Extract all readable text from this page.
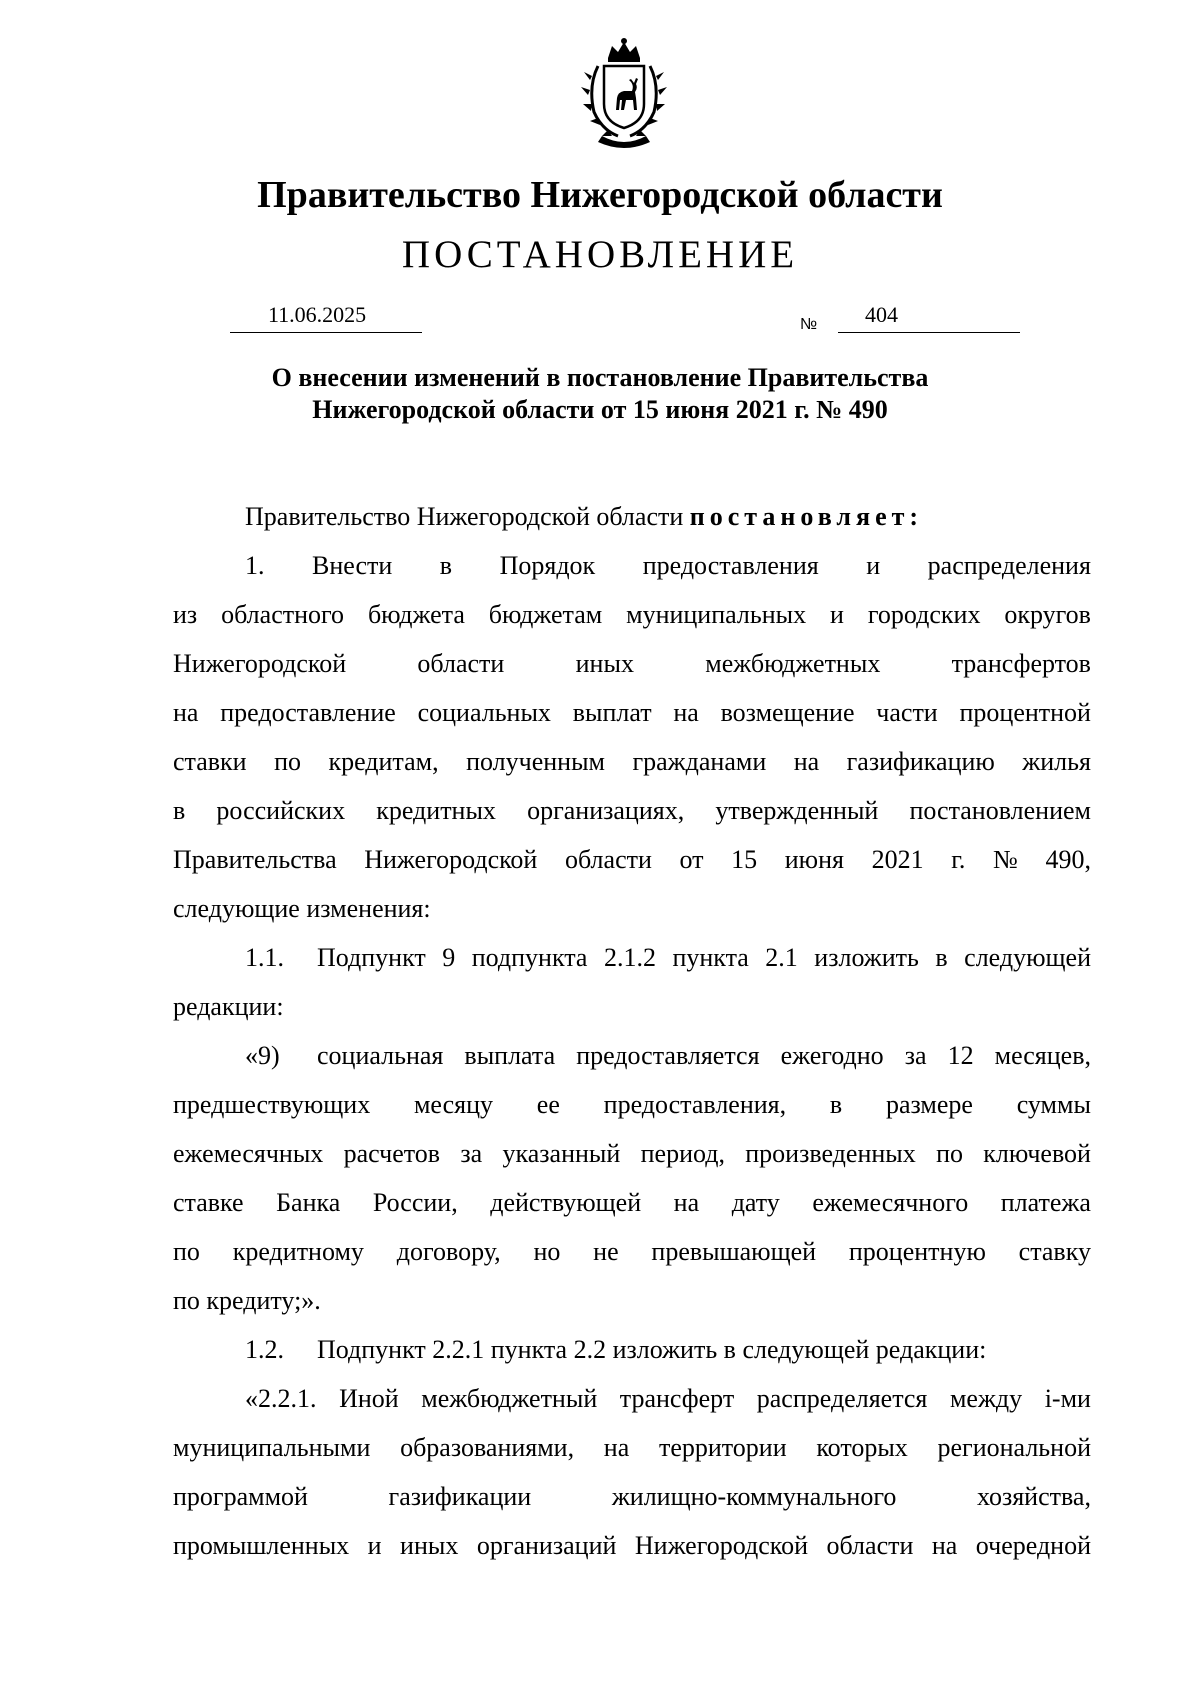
Правительство Нижегородской области
ПОСТАНОВЛЕНИЕ
11.06.2025	№ 404
О внесении изменений в постановление Правительства
Нижегородской области от 15 июня 2021 г. № 490
Правительство Нижегородской области постановляет:
1. Внести в Порядок предоставления и распределения
из областного бюджета бюджетам муниципальных и городских округов
Нижегородской	области	иных	межбюджетных	трансфертов
на предоставление социальных выплат на возмещение части процентной
ставки по кредитам, полученным гражданами на газификацию жилья
в российских кредитных организациях, утвержденный постановлением
Правительства Нижегородской области от 15 июня 2021 г. № 490,
следующие изменения:
1.1.	Подпункт 9 подпункта 2.1.2 пункта 2.1 изложить в следующей
редакции:
«9)	социальная выплата предоставляется ежегодно за 12 месяцев,
предшествующих месяцу ее предоставления, в размере суммы
ежемесячных расчетов за указанный период, произведенных по ключевой
ставке Банка России, действующей на дату ежемесячного платежа
по кредитному договору, но не превышающей процентную ставку
по кредиту;».
1.2.	Подпункт 2.2.1 пункта 2.2 изложить в следующей редакции:
«2.2.1. Иной межбюджетный трансферт распределяется между i-ми
муниципальными образованиями, на территории которых региональной
программой	газификации	жилищно-коммунального	хозяйства,
промышленных и иных организаций Нижегородской области на очередной
